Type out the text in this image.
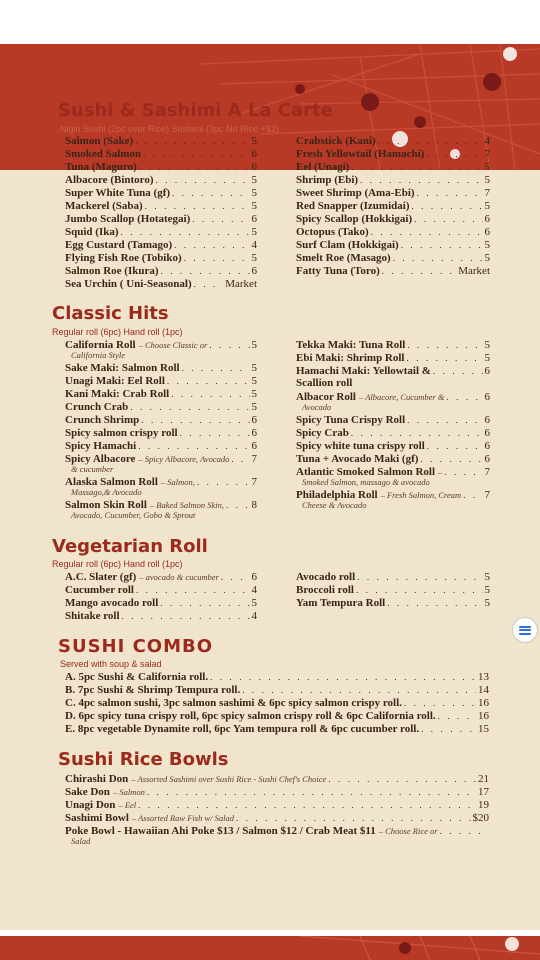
Sushi & Sashimi A La Carte
Nigiri Sushi (2pc over Rice) Sashimi (3pc No Rice +$2)
Salmon (Sake) . . .	5
Smoked Salmon . . .	6
Tuna (Maguro) . . .	6
Albacore (Bintoro) . . .	5
Super White Tuna (gf) . . .	5
Mackerel (Saba) . . .	5
Jumbo Scallop (Hotategai) . . .	6
Squid (Ika) . . .	5
Egg Custard (Tamago) . . .	4
Flying Fish Roe (Tobiko) . . .	5
Salmon Roe (Ikura) . . .	6
Sea Urchin ( Uni-Seasonal) . . .	Market
Crabstick (Kani) . . .	4
Fresh Yellowtail (Hamachi) . . .	7
Eel (Unagi) . . .	5
Shrimp (Ebi) . . .	5
Sweet Shrimp (Ama-Ebi) . . .	7
Red Snapper (Izumidai) . . .	5
Spicy Scallop (Hokkigai) . . .	6
Octopus (Tako) . . .	6
Surf Clam (Hokkigai) . . .	5
Smelt Roe (Masago) . . .	5
Fatty Tuna (Toro) . . .	Market
Classic Hits
Regular roll (6pc) Hand roll (1pc)
California Roll – Choose Classic or . . .	5
California Style
Sake Maki: Salmon Roll . . .	5
Unagi Maki: Eel Roll . . .	5
Kani Maki: Crab Roll . . .	5
Crunch Crab . . .	5
Crunch Shrimp . . .	6
Spicy salmon crispy roll . . .	6
Spicy Hamachi . . .	6
Spicy Albacore – Spicy Albacore, Avocado . . . 7
& cucumber
Alaska Salmon Roll – Salmon, . . .	7
Massago,& Avocado
Salmon Skin Roll – Baked Salmon Skin, . . . 8
Avocado, Cucumber, Gobo & Sprout
Tekka Maki: Tuna Roll . . .	5
Ebi Maki: Shrimp Roll . . .	5
Hamachi Maki: Yellowtail & . . .	6
Scallion roll
Albacor Roll – Albacore, Cucumber & . . .	6
Avocado
Spicy Tuna Crispy Roll . . .	6
Spicy Crab . . .	6
Spicy white tuna crispy roll . . .	6
Tuna + Avocado Maki (gf) . . .	6
Atlantic Smoked Salmon Roll – . . .	7
Smoked Salmon, massago & avocado
Philadelphia Roll – Fresh Salmon, Cream . . . 7
Cheese & Avocado
Vegetarian Roll
Regular roll (6pc) Hand roll (1pc)
A.C. Slater (gf) – avocado & cucumber . . .	6
Cucumber roll . . .	4
Mango avocado roll . . .	5
Shitake roll . . .	4
Avocado roll . . .	5
Broccoli roll . . .	5
Yam Tempura Roll . . .	5
SUSHI COMBO
Served with soup & salad
A. 5pc Sushi & California roll. . . .	13
B. 7pc Sushi & Shrimp Tempura roll. . . .	14
C. 4pc salmon sushi, 3pc salmon sashimi & 6pc spicy salmon crispy roll. . . .	16
D. 6pc spicy tuna crispy roll, 6pc spicy salmon crispy roll & 6pc California roll. . . .	16
E. 8pc vegetable Dynamite roll, 6pc Yam tempura roll & 6pc cucumber roll. . . .	15
Sushi Rice Bowls
Chirashi Don – Assorted Sashimi over Sushi Rice - Sushi Chef's Choice . . .	21
Sake Don – Salmon . . .	17
Unagi Don – Eel . . .	19
Sashimi Bowl – Assorted Raw Fish w/ Salad . . .	$20
Poke Bowl - Hawaiian Ahi Poke $13 / Salmon $12 / Crab Meat $11 – Choose Rice or
. . .
Salad
